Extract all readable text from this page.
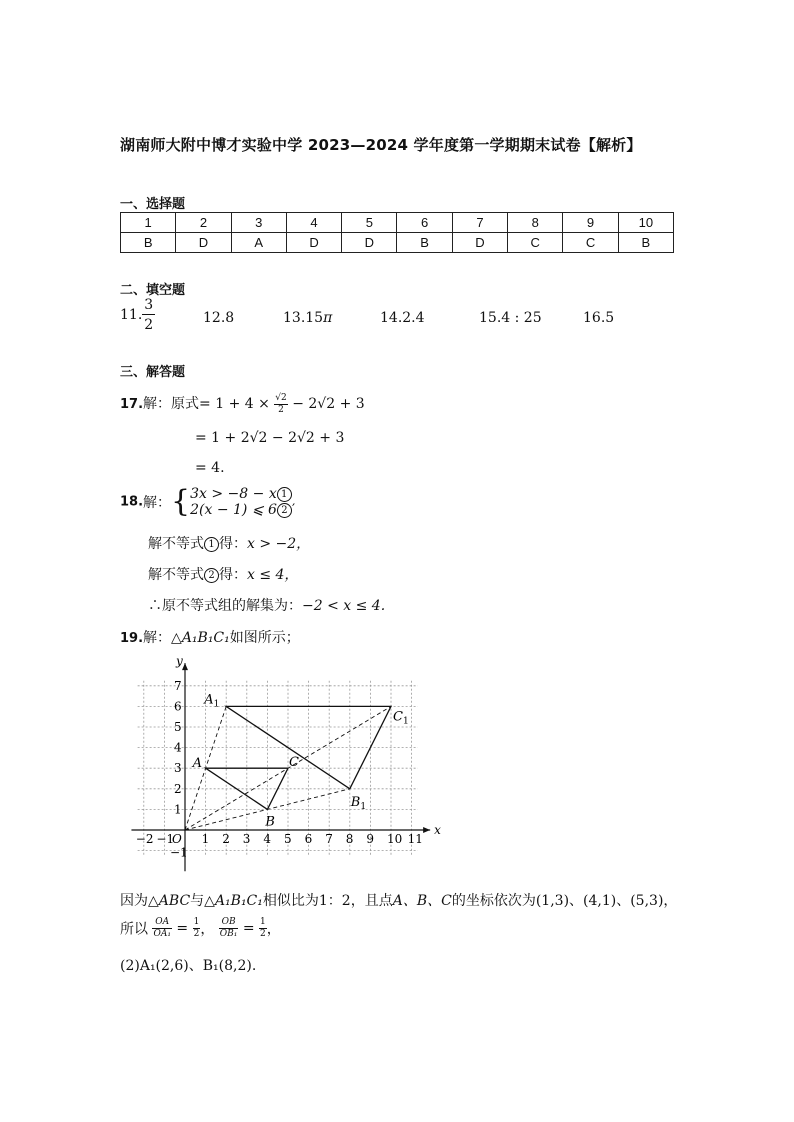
湖南师大附中博才实验中学 2023—2024 学年度第一学期期末试卷【解析】
一、选择题
1	2	3	4	5	6	7	8	9	10
B	D	A	D	D	B	D	C	C	B
二、填空题
11. $\frac{3}{2}$	12.8	13.15π	14.2.4	15.4 : 25	16.5
三、解答题
17.解：原式= $1 + 4 \times \frac{√2}{2} - 2√2 + 3$
= 1 + 2√2 − 2√2 + 3
= 4.
18.解：{ 3x > −8 − x 1
2(x − 1) ⩽ 6 2 ′
解不等式 1 得：x > −2，
解不等式 2 得：x ≤ 4，
∴原不等式组的解集为：−2 < x ≤ 4.
19.解：△A₁B₁C₁如图所示；
x
y
O
−2 −1 1 2 3 4 5 6 7 8 9 10 11
−1
1
2
3
4
5
6
7
A
B
C
$A_1$
$B_1$
$C_1$
因为△ABC与△A₁B₁C₁相似比为1：2，且点A、B、C的坐标依次为(1,3)、(4,1)、(5,3)，
所以 $\frac{OA}{\text{OA₁}} = \frac{1}{2}$ ， $\frac{OB}{\text{OB₁}} = \frac{1}{2}$ ，
(2)A₁(2,6)、B₁(8,2).
